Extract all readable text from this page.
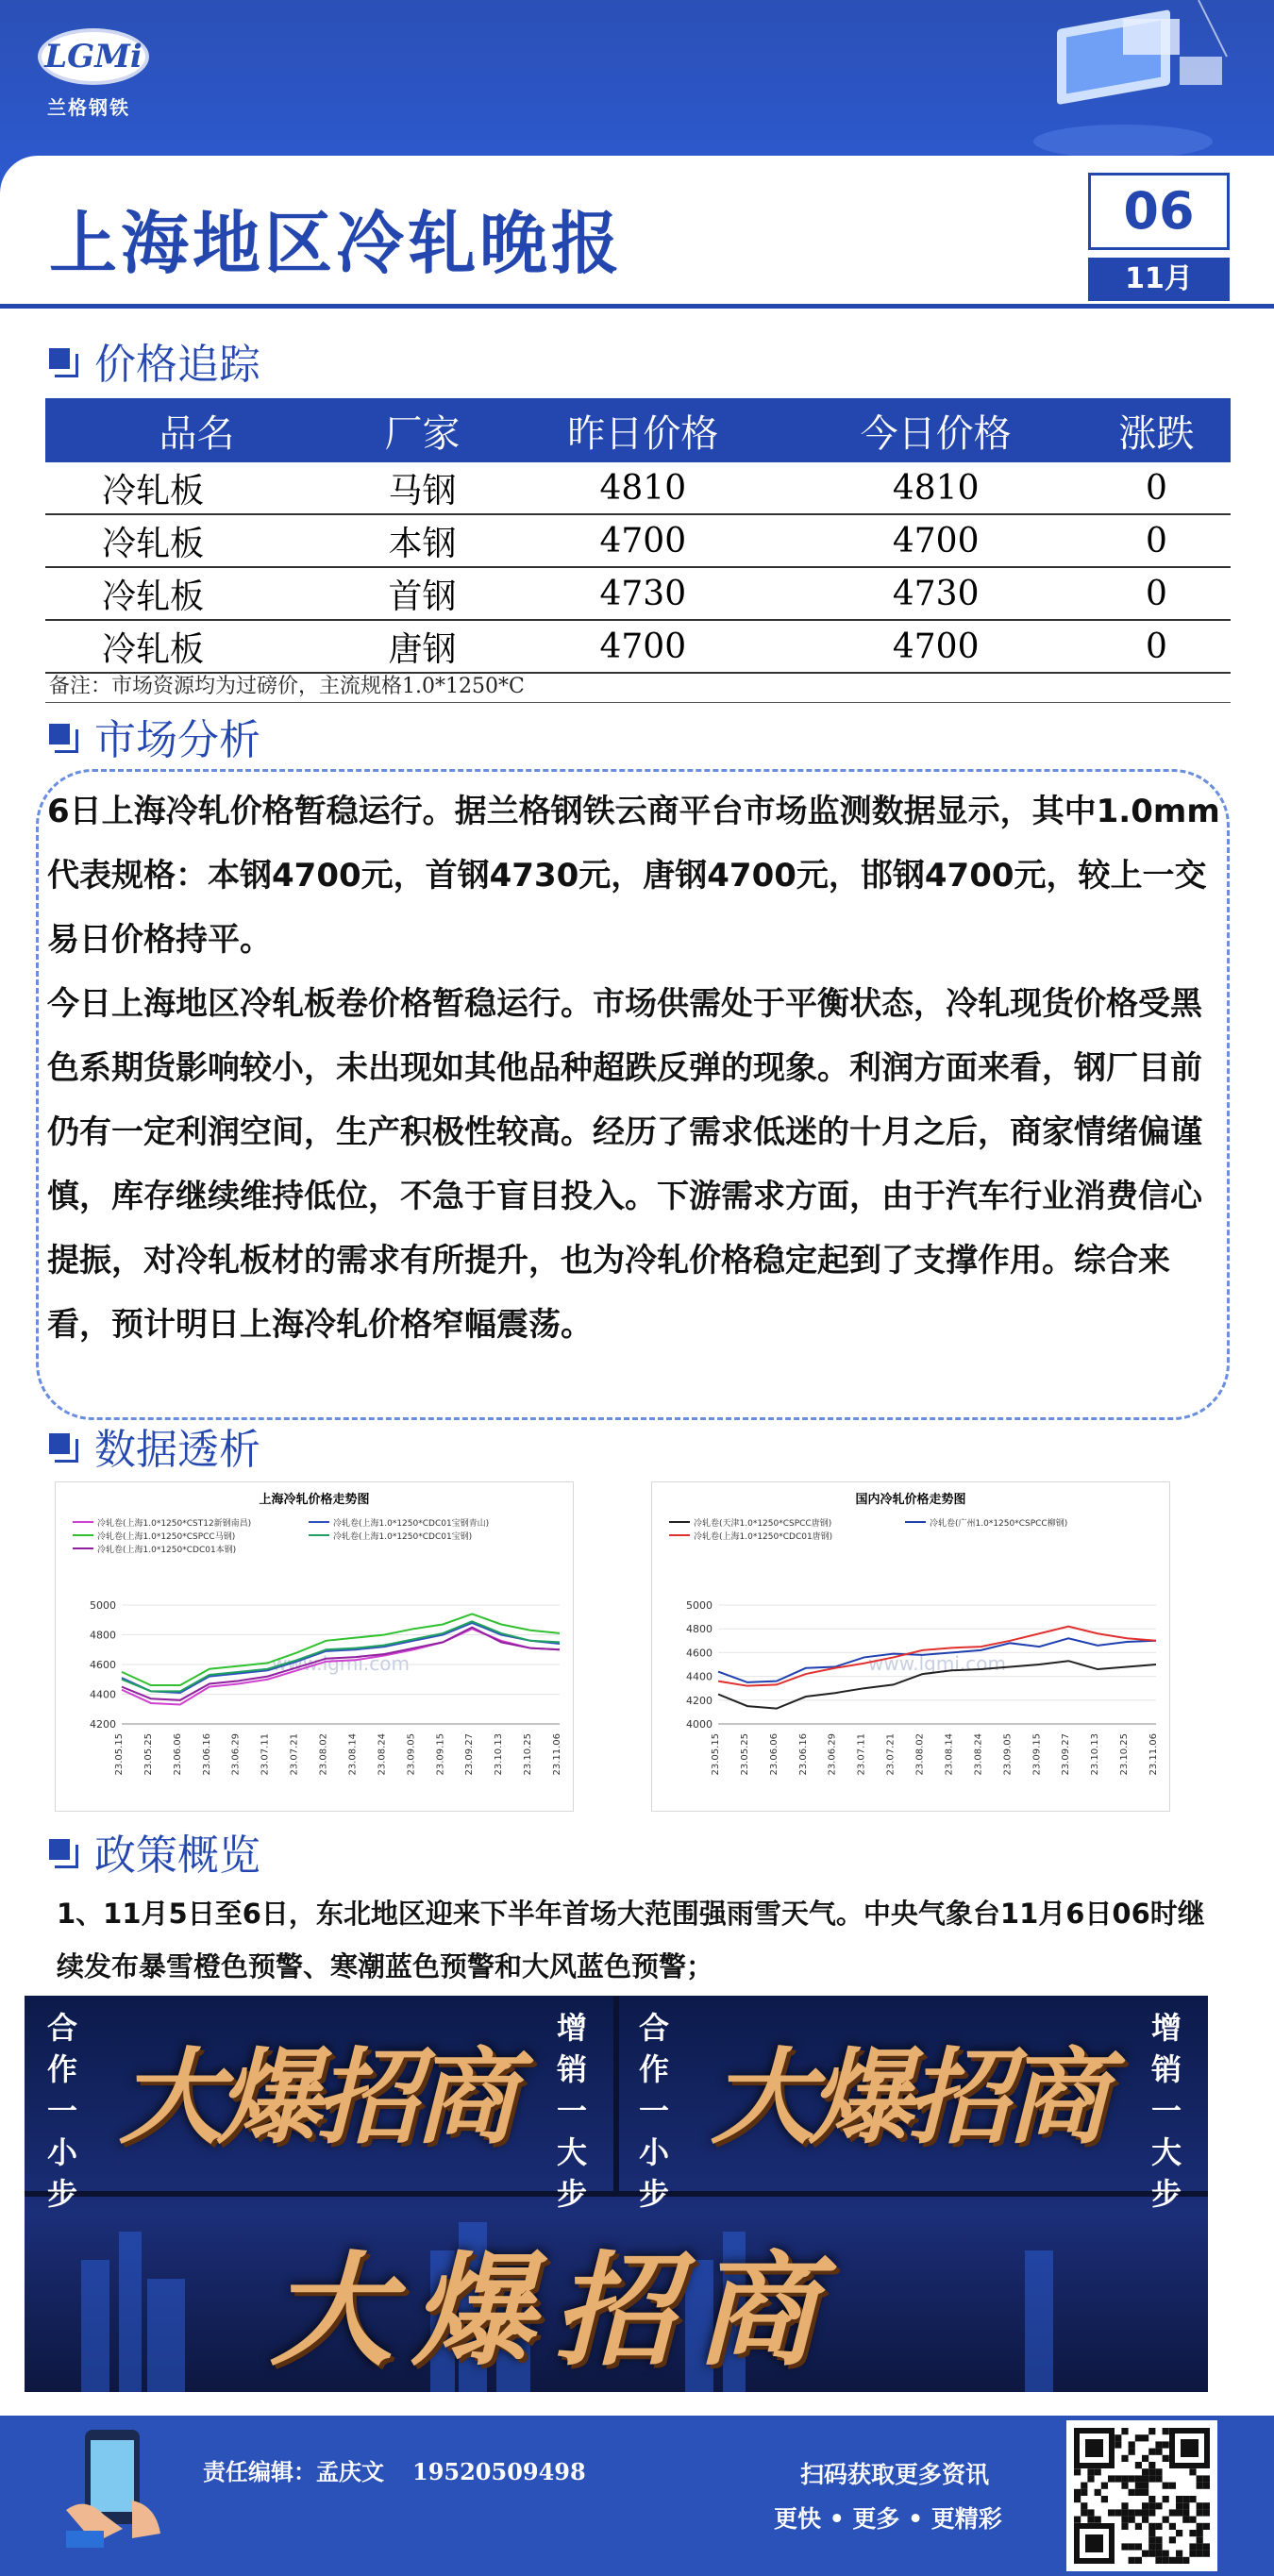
LGMi
兰格钢铁
上海地区冷轧晚报	06
11月
价格追踪
品名	厂家	昨日价格	今日价格	涨跌
冷轧板	马钢	4810	4810	0
冷轧板	本钢	4700	4700	0
冷轧板	首钢	4730	4730	0
冷轧板	唐钢	4700	4700	0
备注：市场资源均为过磅价，主流规格1.0*1250*C
市场分析

6日上海冷轧价格暂稳运行。据兰格钢铁云商平台市场监测数据显示，其中1.0mm代表规格：本钢4700元，首钢4730元，唐钢4700元，邯钢4700元，较上一交易日价格持平。

今日上海地区冷轧板卷价格暂稳运行。市场供需处于平衡状态，冷轧现货价格受黑色系期货影响较小，未出现如其他品种超跌反弹的现象。利润方面来看，钢厂目前仍有一定利润空间，生产积极性较高。经历了需求低迷的十月之后，商家情绪偏谨慎，库存继续维持低位，不急于盲目投入。下游需求方面，由于汽车行业消费信心提振，对冷轧板材的需求有所提升，也为冷轧价格稳定起到了支撑作用。综合来看，预计明日上海冷轧价格窄幅震荡。

数据透析
上海冷轧价格走势图
冷轧卷(上海1.0*1250*CST12新钢南昌)	冷轧卷(上海1.0*1250*CDC01宝钢青山)
冷轧卷(上海1.0*1250*CSPCC马钢)	冷轧卷(上海1.0*1250*CDC01宝钢)
冷轧卷(上海1.0*1250*CDC01本钢)
4200
4400
4600
4800
5000
www.lgmi.com
23.05.15 23.05.25 23.06.06 23.06.16 23.06.29 23.07.11 23.07.21 23.08.02 23.08.14 23.08.24 23.09.05 23.09.15 23.09.27 23.10.13 23.10.25 23.11.06
国内冷轧价格走势图
冷轧卷(天津1.0*1250*CSPCC唐钢)	冷轧卷(广州1.0*1250*CSPCC柳钢)
冷轧卷(上海1.0*1250*CDC01唐钢)
4000
4200
4400
4600
4800
5000
www.lgmi.com
23.05.15 23.05.25 23.06.06 23.06.16 23.06.29 23.07.11 23.07.21 23.08.02 23.08.14 23.08.24 23.09.05 23.09.15 23.09.27 23.10.13 23.10.25 23.11.06
政策概览

1、11月5日至6日，东北地区迎来下半年首场大范围强雨雪天气。中央气象台11月6日06时继续发布暴雪橙色预警、寒潮蓝色预警和大风蓝色预警；

合
作
一
小
步
大爆招商
增
销
一
大
步
合
作
一
小
步
大爆招商
增
销
一
大
步
大爆招商
责任编辑：孟庆文 19520509498	扫码获取更多资讯
更快 • 更多 • 更精彩
